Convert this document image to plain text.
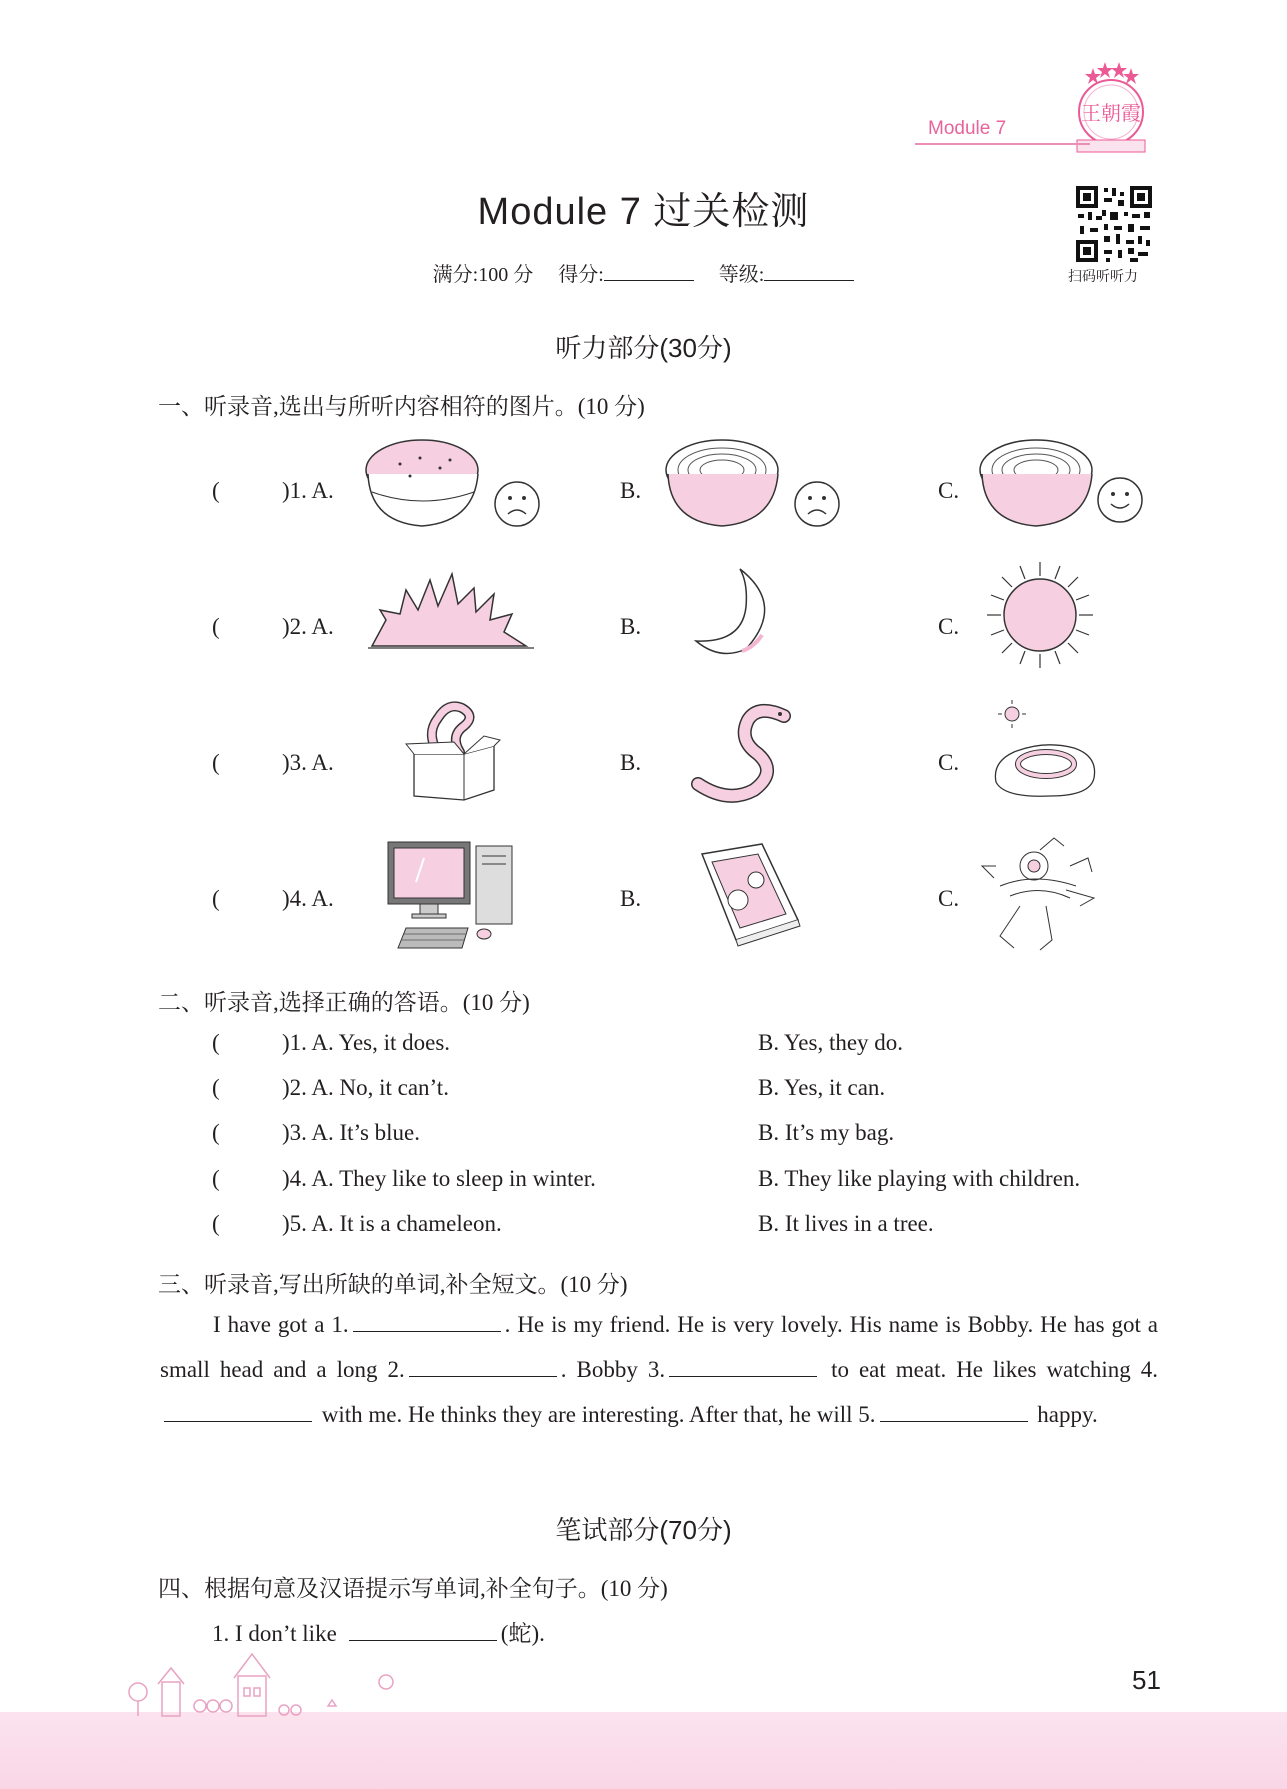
王朝霞
Module 7
Module 7 过关检测
扫码听听力
满分:100 分 得分:	等级:
听力部分(30分)
一、听录音,选出与所听内容相符的图片。(10 分)
(	)1. A.	B.	C.
(	)2. A.	B.	C.
(	)3. A.	B.	C.
(	)4. A.	B.	C.
二、听录音,选择正确的答语。(10 分)
(	)1. A. Yes, it does.	B. Yes, they do.
(	)2. A. No, it can’t.	B. Yes, it can.
(	)3. A. It’s blue.	B. It’s my bag.
(	)4. A. They like to sleep in winter.	B. They like playing with children.
(	)5. A. It is a chameleon.	B. It lives in a tree.
三、听录音,写出所缺的单词,补全短文。(10 分)
I have got a 1.	. He is my friend. He is very lovely. His name is Bobby. He has got a small head and a long 2.	. Bobby 3.	to eat meat. He likes watching 4. with me. He thinks they are interesting. After that, he will 5.	happy.
笔试部分(70分)
四、根据句意及汉语提示写单词,补全句子。(10 分)
1. I don’t like	(蛇).
51
